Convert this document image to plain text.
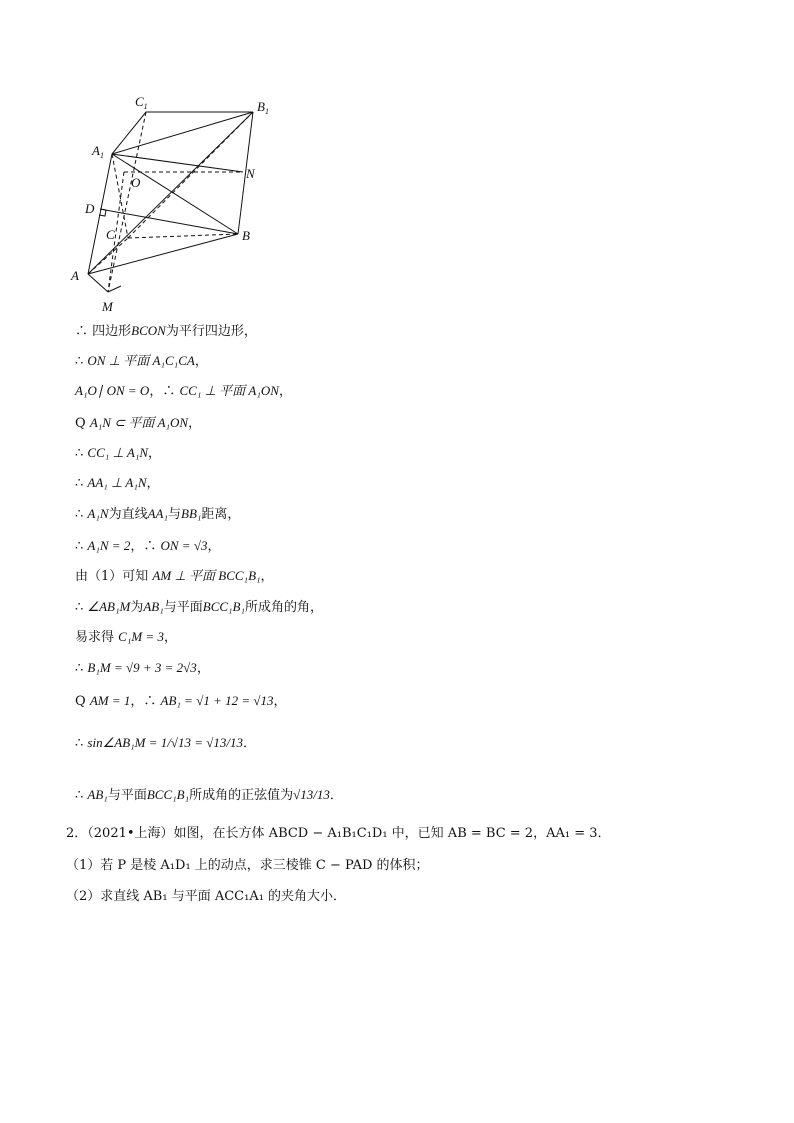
$C_1$	$B_1$
$A_1$
O
N
D
C	B
A
M
∴ 四边形BCON为平行四边形，
∴ ON ⊥ 平面 A₁C₁CA，
A₁O∣ ON = O，∴ CC₁ ⊥ 平面 A₁ON，
Q A₁N ⊂ 平面 A₁ON，
∴ CC₁ ⊥ A₁N，
∴ AA₁ ⊥ A₁N，
∴ A₁N为直线AA₁与BB₁距离，
∴ A₁N = 2，∴ ON = √3，
由（1）可知 AM ⊥ 平面 BCC₁B₁，
∴ ∠AB₁M为AB₁与平面BCC₁B₁所成角的角，
易求得 C₁M = 3，
∴ B₁M = √9 + 3 = 2√3，
Q AM = 1，∴ AB₁ = √1 + 12 = √13，
∴ sin∠AB₁M = 1/√13 = √13/13．
∴ AB₁与平面BCC₁B₁所成角的正弦值为√13/13．
2．（2021•上海）如图，在长方体 ABCD − A₁B₁C₁D₁ 中，已知 AB = BC = 2，AA₁ = 3．
（1）若 P 是棱 A₁D₁ 上的动点，求三棱锥 C − PAD 的体积；
（2）求直线 AB₁ 与平面 ACC₁A₁ 的夹角大小．
